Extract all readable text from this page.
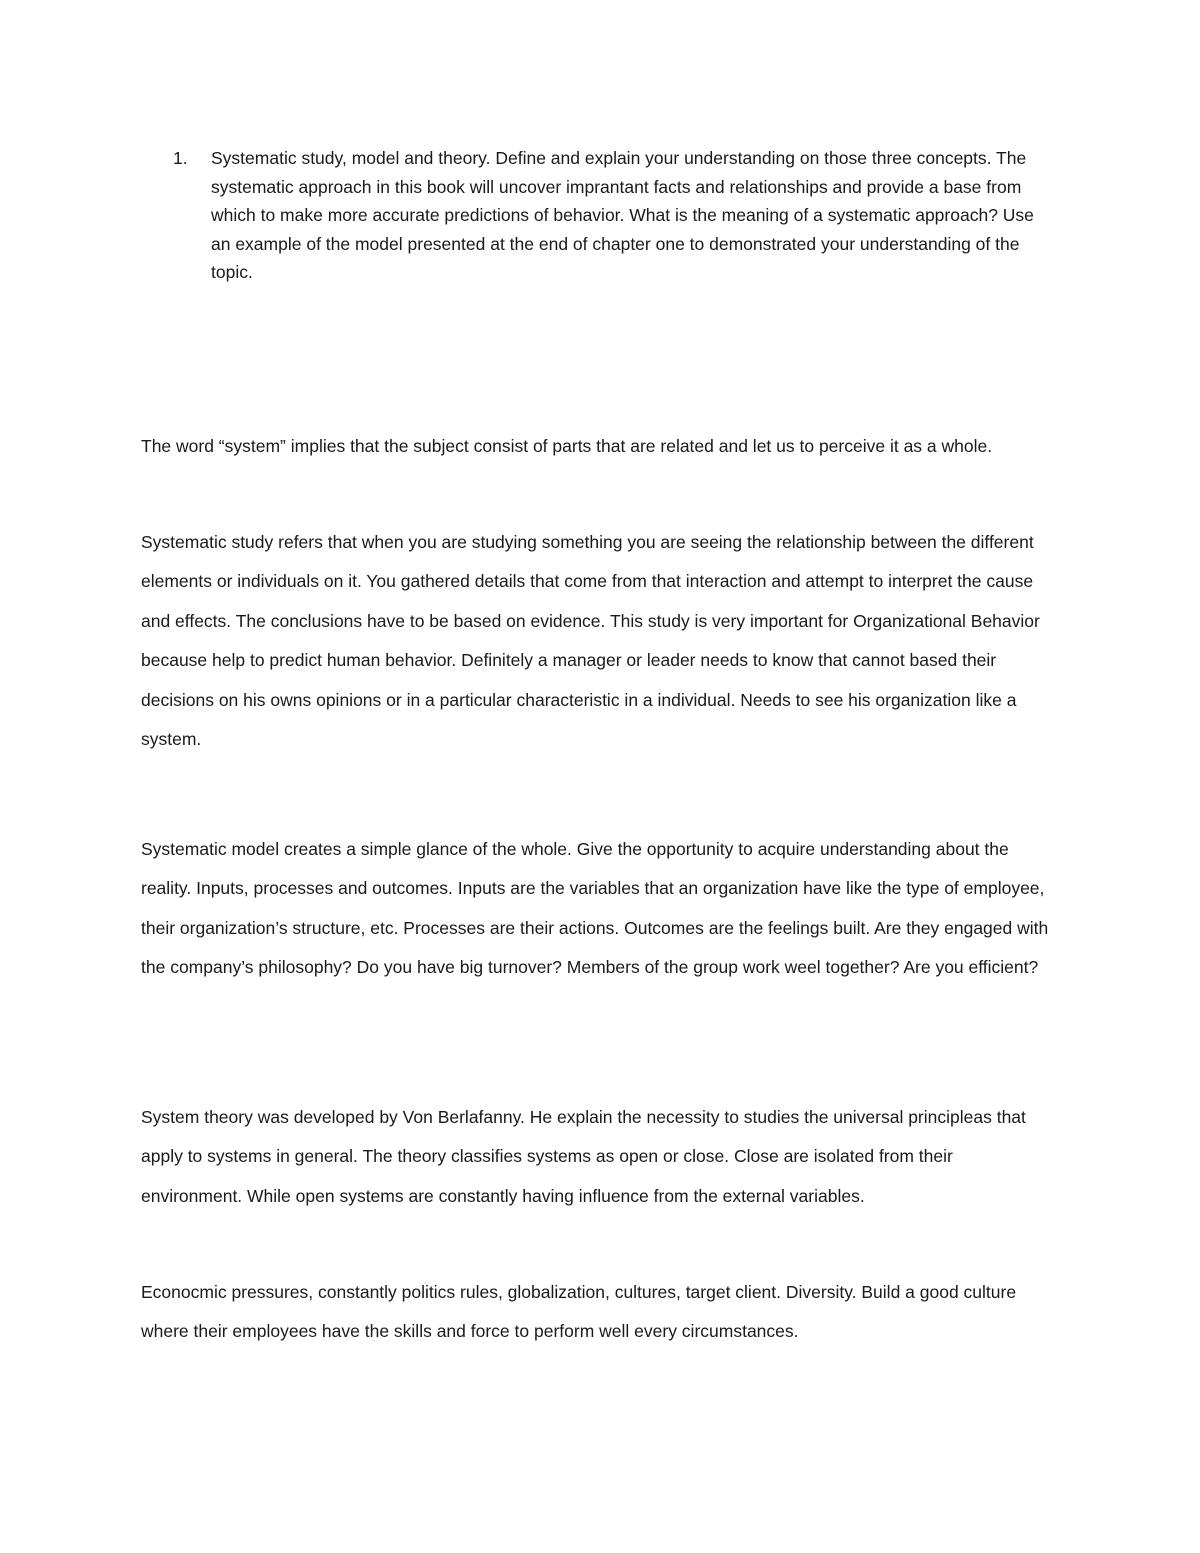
1.	Systematic study, model and theory. Define and explain your understanding on those three concepts. The systematic approach in this book will uncover imprantant facts and relationships and provide a base from which to make more accurate predictions of behavior. What is the meaning of a systematic approach? Use an example of the model presented at the end of chapter one to demonstrated your understanding of the topic.

The word “system” implies that the subject consist of parts that are related and let us to perceive it as a whole.

Systematic study refers that when you are studying something you are seeing the relationship between the different elements or individuals on it. You gathered details that come from that interaction and attempt to interpret the cause and effects. The conclusions have to be based on evidence. This study is very important for Organizational Behavior because help to predict human behavior. Definitely a manager or leader needs to know that cannot based their decisions on his owns opinions or in a particular characteristic in a individual. Needs to see his organization like a system.

Systematic model creates a simple glance of the whole. Give the opportunity to acquire understanding about the reality. Inputs, processes and outcomes. Inputs are the variables that an organization have like the type of employee, their organization’s structure, etc. Processes are their actions. Outcomes are the feelings built. Are they engaged with the company’s philosophy? Do you have big turnover? Members of the group work weel together? Are you efficient?

System theory was developed by Von Berlafanny. He explain the necessity to studies the universal principleas that apply to systems in general. The theory classifies systems as open or close. Close are isolated from their environment. While open systems are constantly having influence from the external variables.

Econocmic pressures, constantly politics rules, globalization, cultures, target client. Diversity. Build a good culture where their employees have the skills and force to perform well every circumstances.
